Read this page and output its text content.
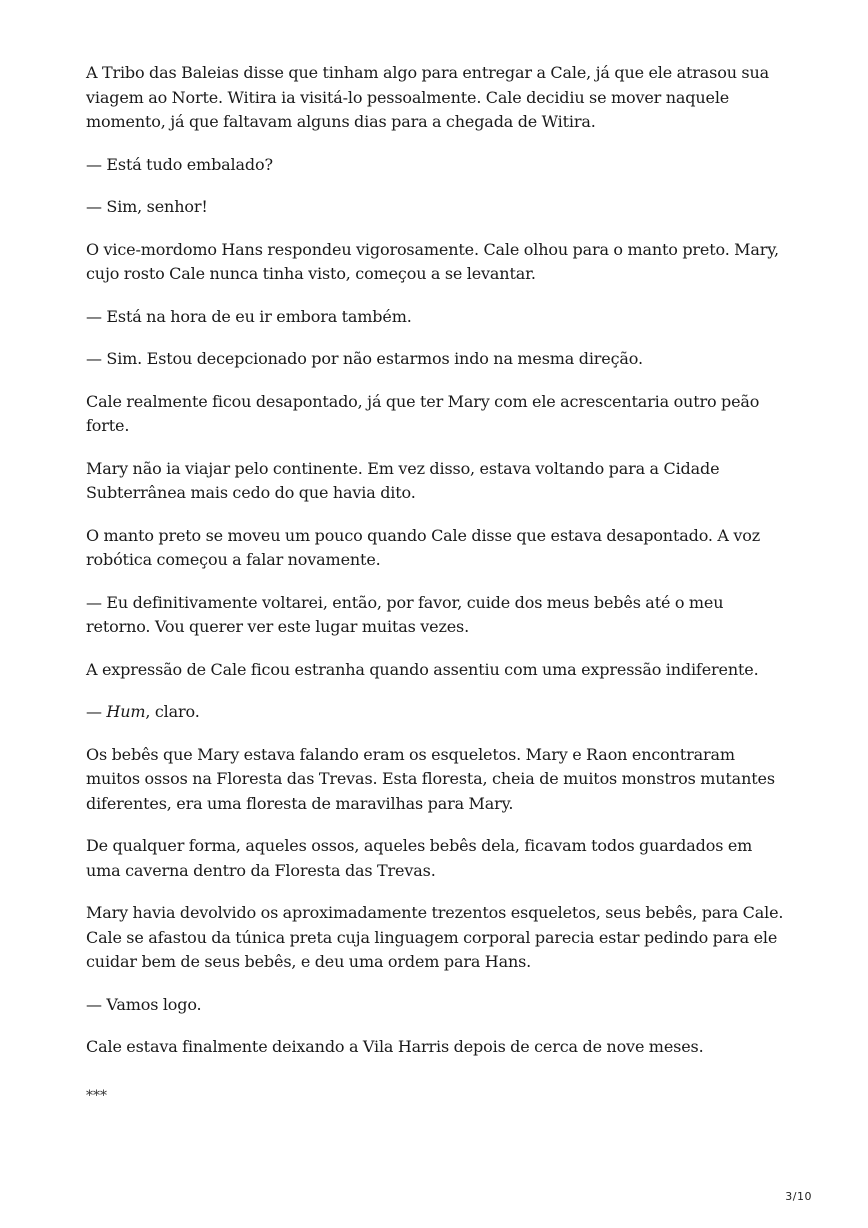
A Tribo das Baleias disse que tinham algo para entregar a Cale, já que ele atrasou sua viagem ao Norte. Witira ia visitá-lo pessoalmente. Cale decidiu se mover naquele momento, já que faltavam alguns dias para a chegada de Witira.

— Está tudo embalado?

— Sim, senhor!

O vice-mordomo Hans respondeu vigorosamente. Cale olhou para o manto preto. Mary, cujo rosto Cale nunca tinha visto, começou a se levantar.

— Está na hora de eu ir embora também.

— Sim. Estou decepcionado por não estarmos indo na mesma direção.

Cale realmente ficou desapontado, já que ter Mary com ele acrescentaria outro peão forte.

Mary não ia viajar pelo continente. Em vez disso, estava voltando para a Cidade Subterrânea mais cedo do que havia dito.

O manto preto se moveu um pouco quando Cale disse que estava desapontado. A voz robótica começou a falar novamente.

— Eu definitivamente voltarei, então, por favor, cuide dos meus bebês até o meu retorno. Vou querer ver este lugar muitas vezes.

A expressão de Cale ficou estranha quando assentiu com uma expressão indiferente.

— Hum, claro.

Os bebês que Mary estava falando eram os esqueletos. Mary e Raon encontraram muitos ossos na Floresta das Trevas. Esta floresta, cheia de muitos monstros mutantes diferentes, era uma floresta de maravilhas para Mary.

De qualquer forma, aqueles ossos, aqueles bebês dela, ficavam todos guardados em uma caverna dentro da Floresta das Trevas.

Mary havia devolvido os aproximadamente trezentos esqueletos, seus bebês, para Cale. Cale se afastou da túnica preta cuja linguagem corporal parecia estar pedindo para ele cuidar bem de seus bebês, e deu uma ordem para Hans.

— Vamos logo.

Cale estava finalmente deixando a Vila Harris depois de cerca de nove meses.

***

3/10
